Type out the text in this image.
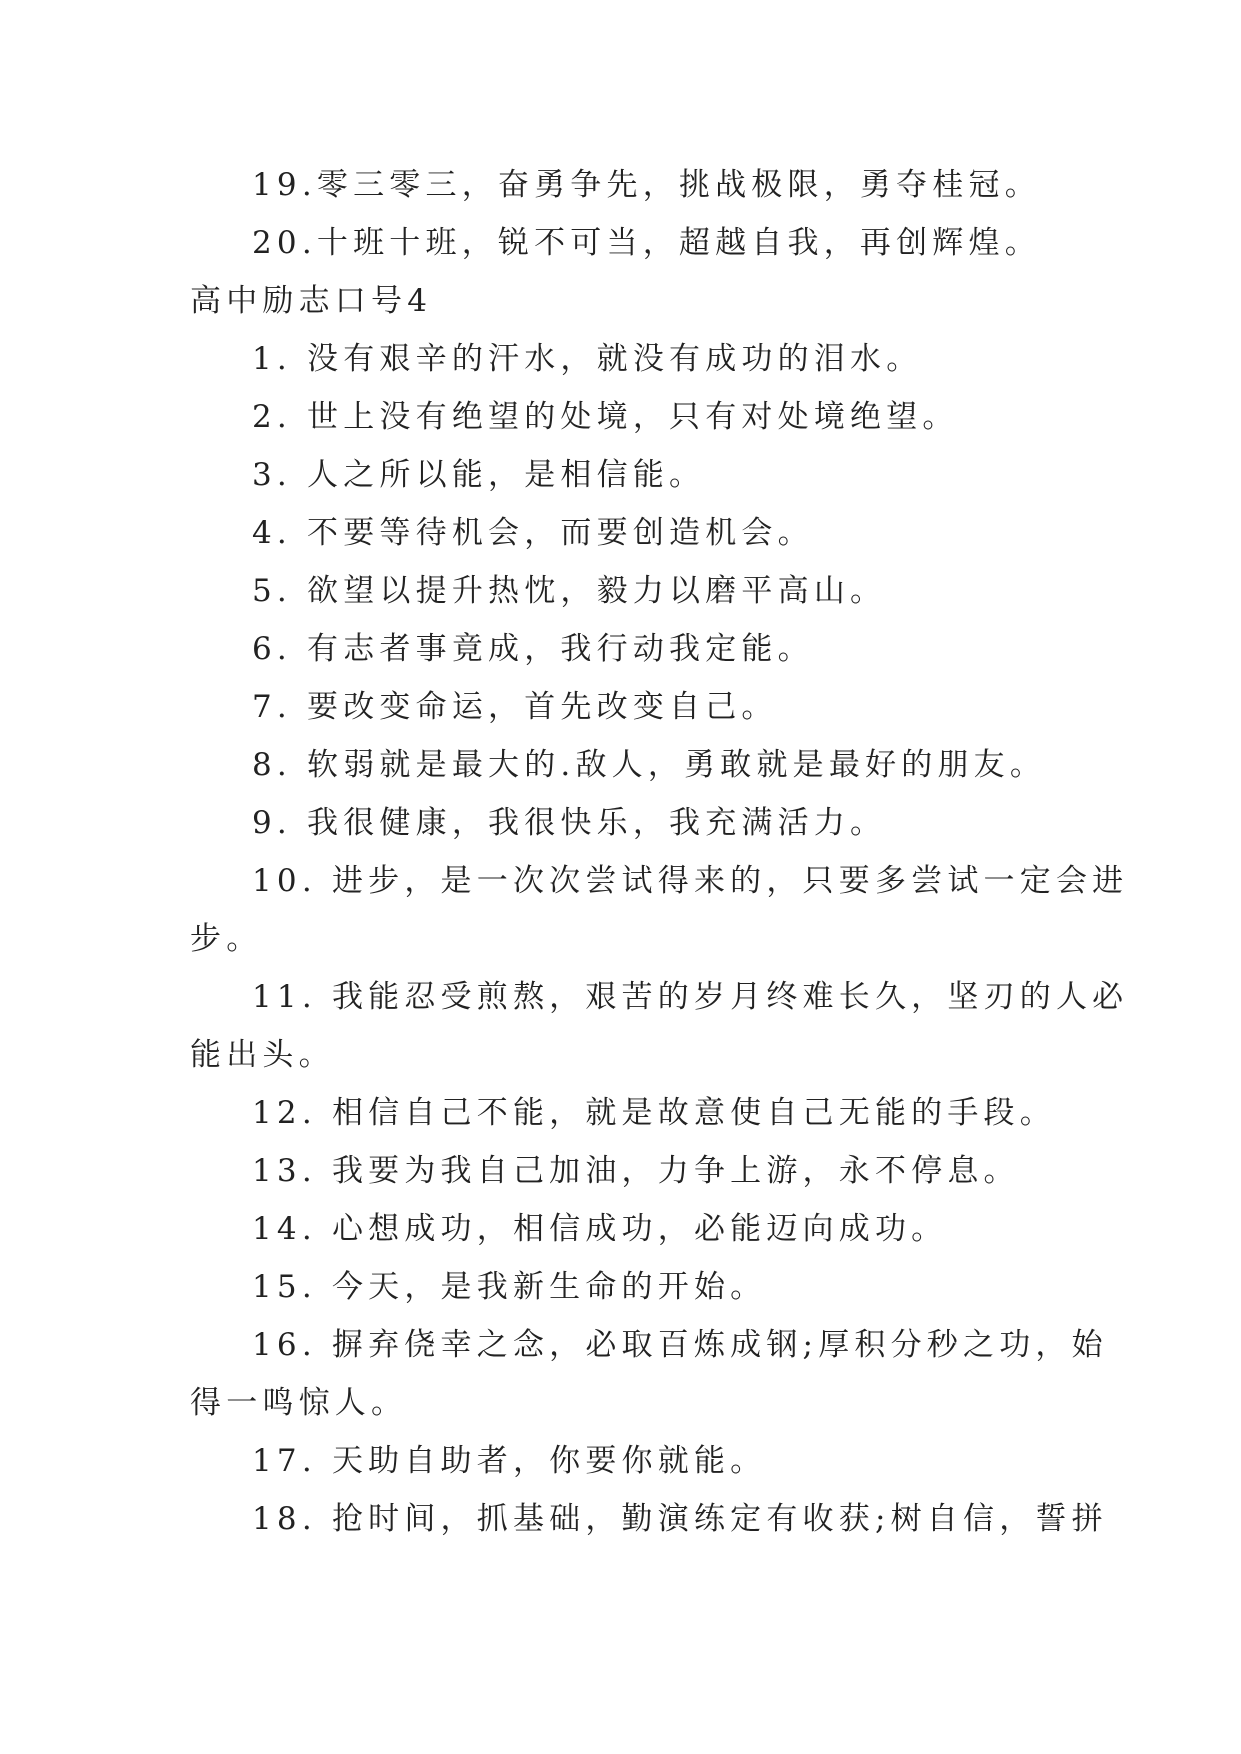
19.零三零三，奋勇争先，挑战极限，勇夺桂冠。
20.十班十班，锐不可当，超越自我，再创辉煌。
高中励志口号4
1. 没有艰辛的汗水，就没有成功的泪水。
2. 世上没有绝望的处境，只有对处境绝望。
3. 人之所以能，是相信能。
4. 不要等待机会，而要创造机会。
5. 欲望以提升热忱，毅力以磨平高山。
6. 有志者事竟成，我行动我定能。
7. 要改变命运，首先改变自己。
8. 软弱就是最大的.敌人，勇敢就是最好的朋友。
9. 我很健康，我很快乐，我充满活力。
10. 进步，是一次次尝试得来的，只要多尝试一定会进
步。
11. 我能忍受煎熬，艰苦的岁月终难长久，坚刃的人必
能出头。
12. 相信自己不能，就是故意使自己无能的手段。
13. 我要为我自己加油，力争上游，永不停息。
14. 心想成功，相信成功，必能迈向成功。
15. 今天，是我新生命的开始。
16. 摒弃侥幸之念，必取百炼成钢;厚积分秒之功，始
得一鸣惊人。
17. 天助自助者，你要你就能。
18. 抢时间，抓基础，勤演练定有收获;树自信，誓拼
